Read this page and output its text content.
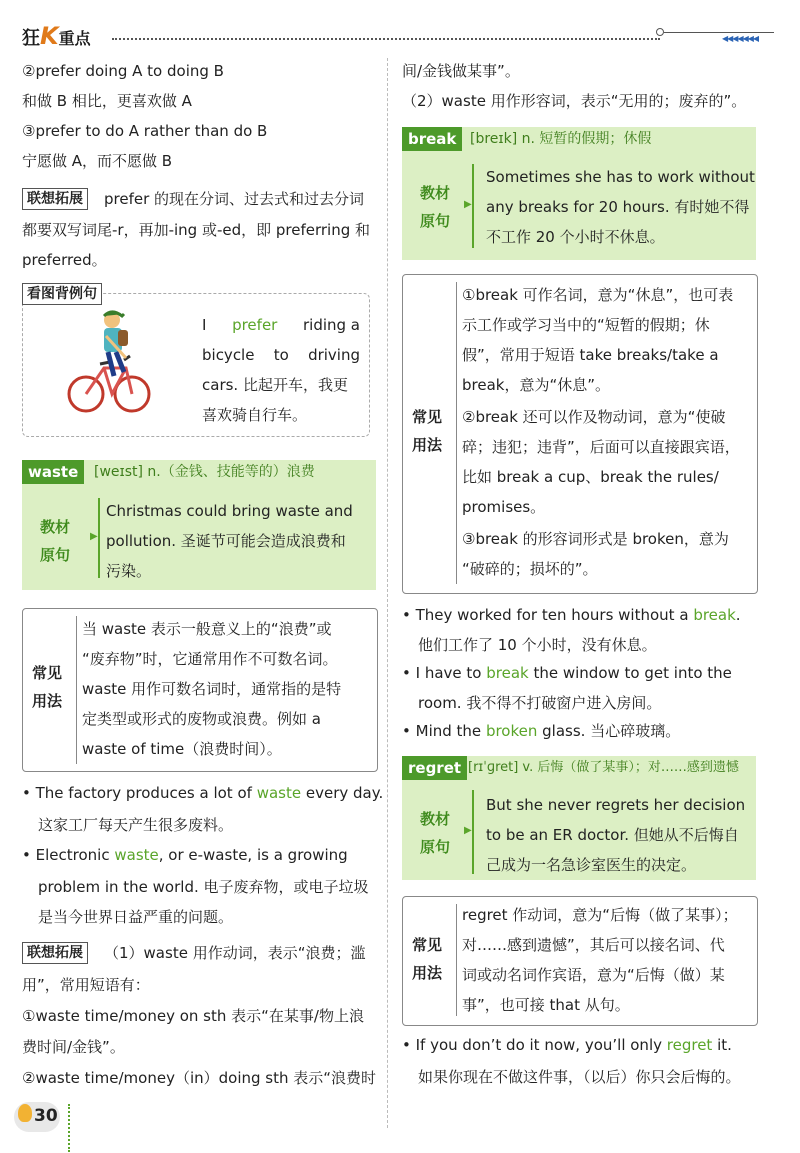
狂K重点	◀◀◀◀◀◀◀
②prefer doing A to doing B
和做 B 相比，更喜欢做 A
③prefer to do A rather than do B
宁愿做 A，而不愿做 B
联想拓展	prefer 的现在分词、过去式和过去分词
都要双写词尾-r，再加-ing 或-ed，即 preferring 和
preferred。
看图背例句
I prefer riding a
bicycle to driving
cars. 比起开车，我更
喜欢骑自行车。
waste	[weɪst] n.（金钱、技能等的）浪费
教材
原句
▶
Christmas could bring waste and
pollution. 圣诞节可能会造成浪费和
污染。
常见
用法
当 waste 表示一般意义上的“浪费”或
“废弃物”时，它通常用作不可数名词。
waste 用作可数名词时，通常指的是特
定类型或形式的废物或浪费。例如 a
waste of time（浪费时间）。
• The factory produces a lot of waste every day.
这家工厂每天产生很多废料。
• Electronic waste, or e-waste, is a growing
problem in the world. 电子废弃物，或电子垃圾
是当今世界日益严重的问题。
联想拓展	（1）waste 用作动词，表示“浪费；滥
用”，常用短语有：
①waste time/money on sth 表示“在某事/物上浪
费时间/金钱”。
②waste time/money（in）doing sth 表示“浪费时
30
间/金钱做某事”。
（2）waste 用作形容词，表示“无用的；废弃的”。
break [breɪk] n. 短暂的假期；休假
教材
原句
▶
Sometimes she has to work without
any breaks for 20 hours. 有时她不得
不工作 20 个小时不休息。
常见
用法
①break 可作名词，意为“休息”，也可表
示工作或学习当中的“短暂的假期；休
假”，常用于短语 take breaks/take a
break，意为“休息”。
②break 还可以作及物动词，意为“使破
碎；违犯；违背”，后面可以直接跟宾语，
比如 break a cup、break the rules/
promises。
③break 的形容词形式是 broken，意为
“破碎的；损坏的”。
• They worked for ten hours without a break.
他们工作了 10 个小时，没有休息。
• I have to break the window to get into the
room. 我不得不打破窗户进入房间。
• Mind the broken glass. 当心碎玻璃。
regret [rɪˈɡret] v. 后悔（做了某事）；对……感到遗憾
教材
原句
▶
But she never regrets her decision
to be an ER doctor. 但她从不后悔自
己成为一名急诊室医生的决定。
常见
用法
regret 作动词，意为“后悔（做了某事）；
对……感到遗憾”，其后可以接名词、代
词或动名词作宾语，意为“后悔（做）某
事”，也可接 that 从句。
• If you don’t do it now, you’ll only regret it.
如果你现在不做这件事，（以后）你只会后悔的。
